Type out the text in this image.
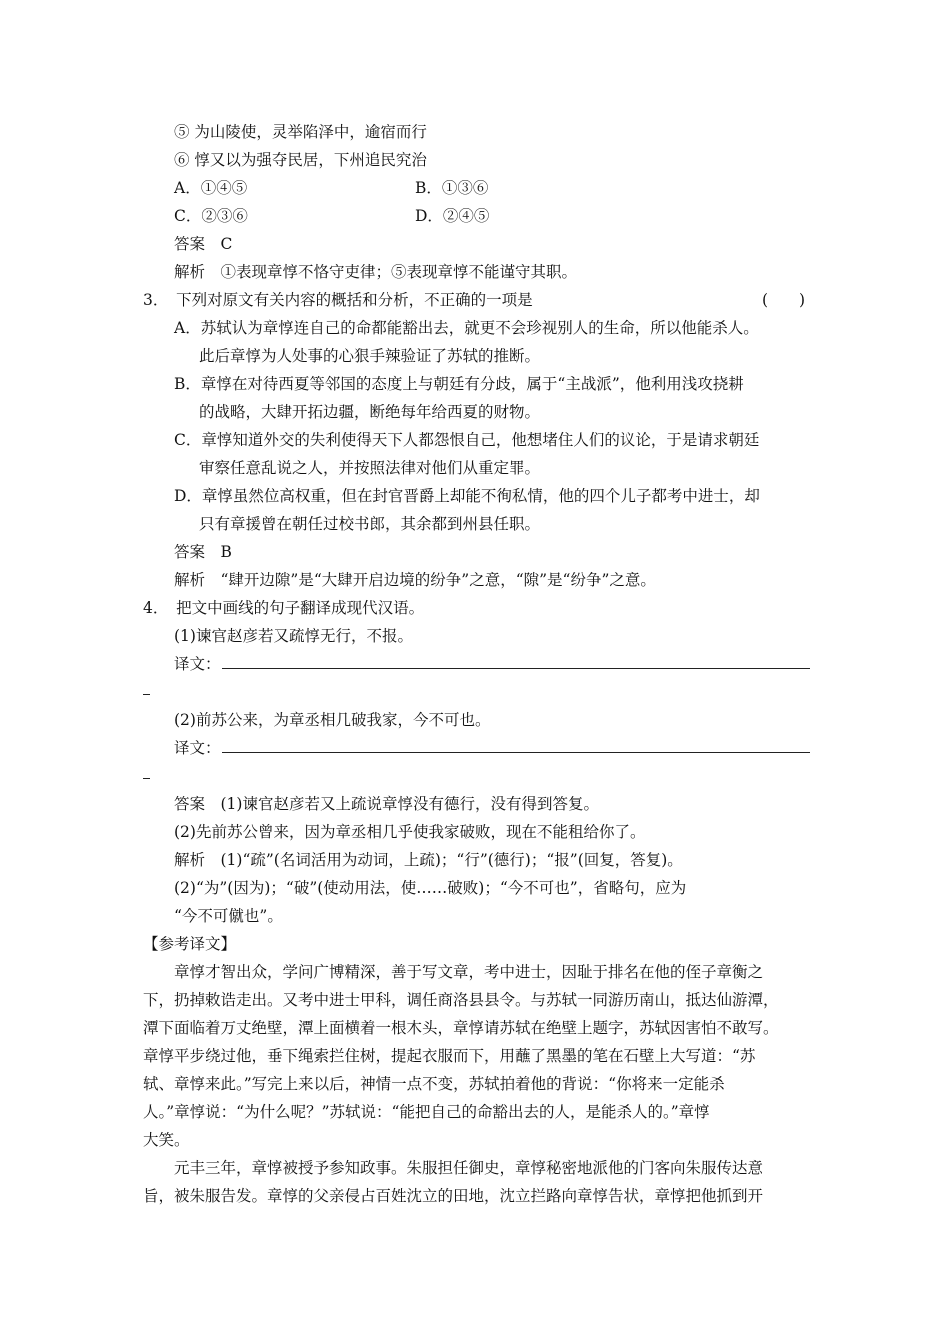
⑤ 为山陵使，灵举陷泽中，逾宿而行
⑥ 惇又以为强夺民居，下州追民究治
A．①④⑤	B．①③⑥
C．②③⑥	D．②④⑤
答案　C
解析　①表现章惇不恪守吏律；⑤表现章惇不能谨守其职。
3．　下列对原文有关内容的概括和分析，不正确的一项是	(　　)
A．苏轼认为章惇连自己的命都能豁出去，就更不会珍视别人的生命，所以他能杀人。
此后章惇为人处事的心狠手辣验证了苏轼的推断。
B．章惇在对待西夏等邻国的态度上与朝廷有分歧，属于“主战派”，他利用浅攻挠耕
的战略，大肆开拓边疆，断绝每年给西夏的财物。
C．章惇知道外交的失利使得天下人都怨恨自己，他想堵住人们的议论，于是请求朝廷
审察任意乱说之人，并按照法律对他们从重定罪。
D．章惇虽然位高权重，但在封官晋爵上却能不徇私情，他的四个儿子都考中进士，却
只有章援曾在朝任过校书郎，其余都到州县任职。
答案　B
解析　“肆开边隙”是“大肆开启边境的纷争”之意，“隙”是“纷争”之意。
4．　把文中画线的句子翻译成现代汉语。
(1)谏官赵彦若又疏惇无行，不报。
译文：
(2)前苏公来，为章丞相几破我家，今不可也。
译文：
答案　(1)谏官赵彦若又上疏说章惇没有德行，没有得到答复。
(2)先前苏公曾来，因为章丞相几乎使我家破败，现在不能租给你了。
解析　(1)“疏”(名词活用为动词，上疏)；“行”(德行)；“报”(回复，答复)。
(2)“为”(因为)；“破”(使动用法，使……破败)；“今不可也”，省略句，应为
“今不可僦也”。
【参考译文】
　　章惇才智出众，学问广博精深，善于写文章，考中进士，因耻于排名在他的侄子章衡之
下，扔掉敕诰走出。又考中进士甲科，调任商洛县县令。与苏轼一同游历南山，抵达仙游潭，
潭下面临着万丈绝壁，潭上面横着一根木头，章惇请苏轼在绝壁上题字，苏轼因害怕不敢写。
章惇平步绕过他，垂下绳索拦住树，提起衣服而下，用蘸了黑墨的笔在石壁上大写道：“苏
轼、章惇来此。”写完上来以后，神情一点不变，苏轼拍着他的背说：“你将来一定能杀
人。”章惇说：“为什么呢？”苏轼说：“能把自己的命豁出去的人，是能杀人的。”章惇
大笑。
　　元丰三年，章惇被授予参知政事。朱服担任御史，章惇秘密地派他的门客向朱服传达意
旨，被朱服告发。章惇的父亲侵占百姓沈立的田地，沈立拦路向章惇告状，章惇把他抓到开
